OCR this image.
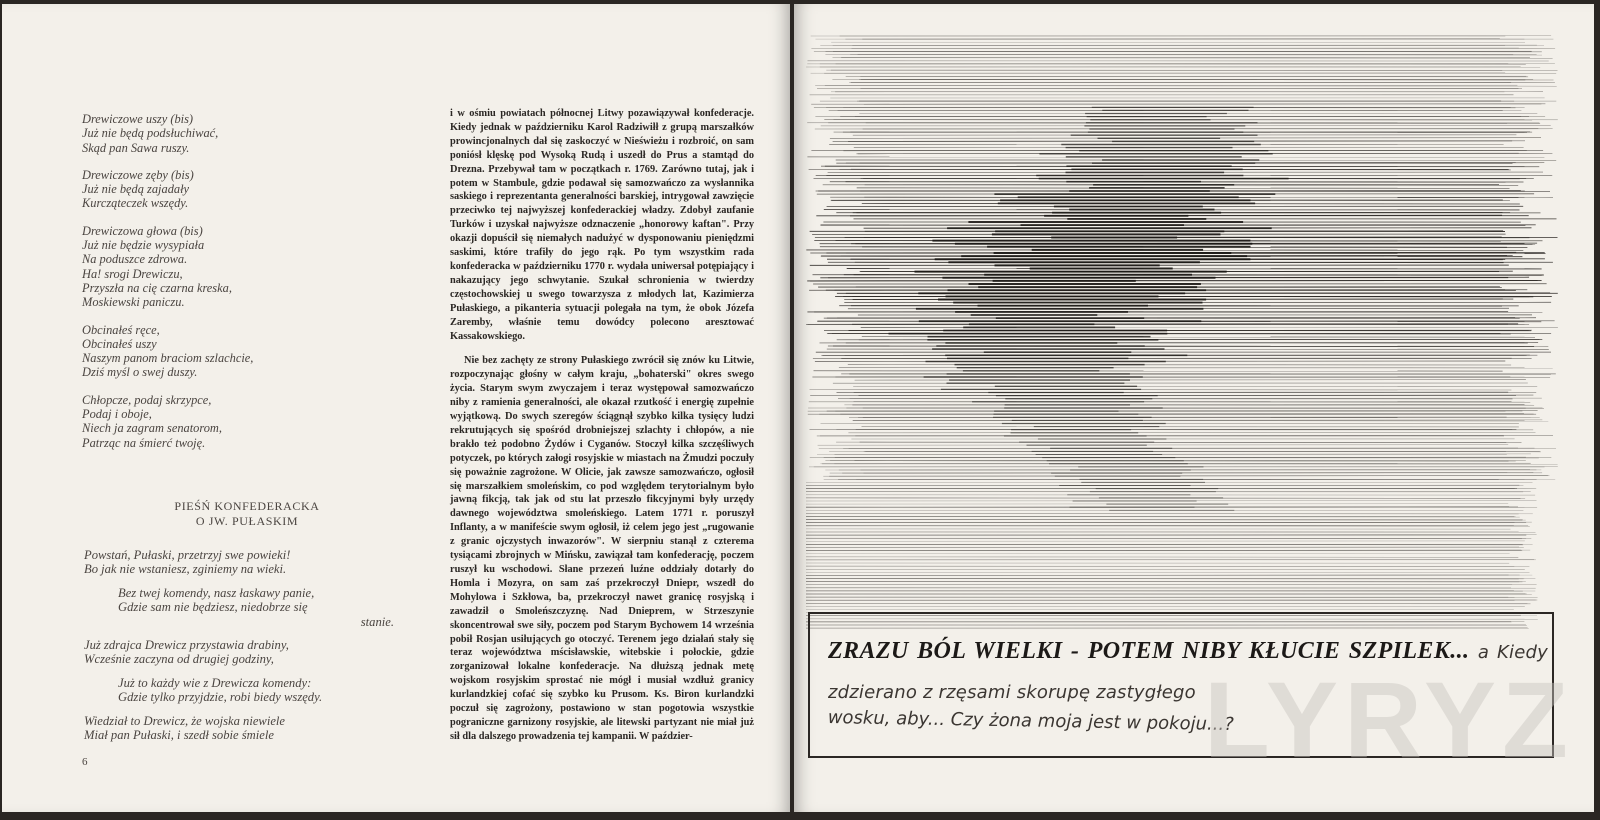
Drewiczowe uszy (bis)
Już nie będą podsłuchiwać,
Skąd pan Sawa ruszy.
Drewiczowe zęby (bis)
Już nie będą zajadały
Kurcząteczek wszędy.
Drewiczowa głowa (bis)
Już nie będzie wysypiała
Na poduszce zdrowa.
Ha! srogi Drewiczu,
Przyszła na cię czarna kreska,
Moskiewski paniczu.
Obcinałeś ręce,
Obcinałeś uszy
Naszym panom braciom szlachcie,
Dziś myśl o swej duszy.
Chłopcze, podaj skrzypce,
Podaj i oboje,
Niech ja zagram senatorom,
Patrząc na śmierć twoję.
PIEŚŃ KONFEDERACKA
O JW. PUŁASKIM
Powstań, Pułaski, przetrzyj swe powieki!
Bo jak nie wstaniesz, zginiemy na wieki.
Bez twej komendy, nasz łaskawy panie,
Gdzie sam nie będziesz, niedobrze się
stanie.
Już zdrajca Drewicz przystawia drabiny,
Wcześnie zaczyna od drugiej godziny,
Już to każdy wie z Drewicza komendy:
Gdzie tylko przyjdzie, robi biedy wszędy.
Wiedział to Drewicz, że wojska niewiele
Miał pan Pułaski, i szedł sobie śmiele
6

i w ośmiu powiatach północnej Litwy pozawiązywał konfederacje. Kiedy jednak w październiku Karol Radziwiłł z grupą marszałków prowincjonalnych dał się zaskoczyć w Nieświeżu i rozbroić, on sam poniósł klęskę pod Wysoką Rudą i uszedł do Prus a stamtąd do Drezna. Przebywał tam w początkach r. 1769. Zarówno tutaj, jak i potem w Stambule, gdzie podawał się samozwańczo za wysłannika saskiego i reprezentanta generalności barskiej, intrygował zawzięcie przeciwko tej najwyższej konfederackiej władzy. Zdobył zaufanie Turków i uzyskał najwyższe odznaczenie „honorowy kaftan". Przy okazji dopuścił się niemałych nadużyć w dysponowaniu pieniędzmi saskimi, które trafiły do jego rąk. Po tym wszystkim rada konfederacka w październiku 1770 r. wydała uniwersał potępiający i nakazujący jego schwytanie. Szukał schronienia w twierdzy częstochowskiej u swego towarzysza z młodych lat, Kazimierza Pułaskiego, a pikanteria sytuacji polegała na tym, że obok Józefa Zaremby, właśnie temu dowódcy polecono aresztować Kassakowskiego.

Nie bez zachęty ze strony Pułaskiego zwrócił się znów ku Litwie, rozpoczynając głośny w całym kraju, „bohaterski" okres swego życia. Starym swym zwyczajem i teraz występował samozwańczo niby z ramienia generalności, ale okazał rzutkość i energię zupełnie wyjątkową. Do swych szeregów ściągnął szybko kilka tysięcy ludzi rekrutujących się spośród drobniejszej szlachty i chłopów, a nie brakło też podobno Żydów i Cyganów. Stoczył kilka szczęśliwych potyczek, po których załogi rosyjskie w miastach na Żmudzi poczuły się poważnie zagrożone. W Olicie, jak zawsze samozwańczo, ogłosił się marszałkiem smoleńskim, co pod względem terytorialnym było jawną fikcją, tak jak od stu lat przeszło fikcyjnymi były urzędy dawnego województwa smoleńskiego. Latem 1771 r. poruszył Inflanty, a w manifeście swym ogłosił, iż celem jego jest „rugowanie z granic ojczystych inwazorów". W sierpniu stanął z czterema tysiącami zbrojnych w Mińsku, zawiązał tam konfederację, poczem ruszył ku wschodowi. Słane przezeń luźne oddziały dotarły do Homla i Mozyra, on sam zaś przekroczył Dniepr, wszedł do Mohylowa i Szkłowa, ba, przekroczył nawet granicę rosyjską i zawadził o Smoleńszczyznę. Nad Dnieprem, w Strzeszynie skoncentrował swe siły, poczem pod Starym Bychowem 14 września pobił Rosjan usiłujących go otoczyć. Terenem jego działań stały się teraz województwa mścisławskie, witebskie i połockie, gdzie zorganizował lokalne konfederacje. Na dłuższą jednak metę wojskom rosyjskim sprostać nie mógł i musiał wzdłuż granicy kurlandzkiej cofać się szybko ku Prusom. Ks. Biron kurlandzki poczuł się zagrożony, postawiono w stan pogotowia wszystkie pograniczne garnizony rosyjskie, ale litewski partyzant nie miał już sił dla dalszego prowadzenia tej kampanii. W paździer-

ZRAZU BÓL WIELKI - POTEM NIBY KŁUCIE SZPILEK... a Kiedy zdzierano z rzęsami skorupę zastygłego
wosku, aby... Czy żona moja jest w pokoju...?
LYRYZ
